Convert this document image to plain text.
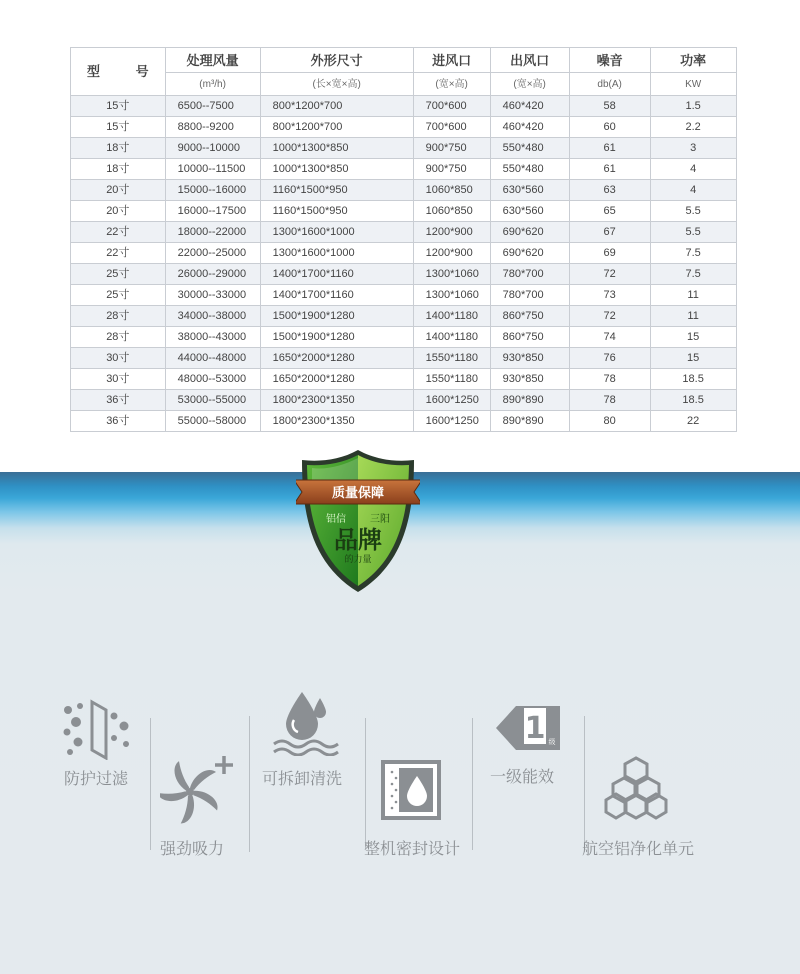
型 号	处理风量	外形尺寸	进风口	出风口	噪音	功率
	(m³/h)	(长×宽×高)	(宽×高)	(宽×高)	db(A)	KW
15寸	6500--7500	800*1200*700	700*600	460*420	58	1.5
15寸	8800--9200	800*1200*700	700*600	460*420	60	2.2
18寸	9000--10000	1000*1300*850	900*750	550*480	61	3
18寸	10000--11500	1000*1300*850	900*750	550*480	61	4
20寸	15000--16000	1160*1500*950	1060*850	630*560	63	4
20寸	16000--17500	1160*1500*950	1060*850	630*560	65	5.5
22寸	18000--22000	1300*1600*1000	1200*900	690*620	67	5.5
22寸	22000--25000	1300*1600*1000	1200*900	690*620	69	7.5
25寸	26000--29000	1400*1700*1160	1300*1060	780*700	72	7.5
25寸	30000--33000	1400*1700*1160	1300*1060	780*700	73	11
28寸	34000--38000	1500*1900*1280	1400*1180	860*750	72	11
28寸	38000--43000	1500*1900*1280	1400*1180	860*750	74	15
30寸	44000--48000	1650*2000*1280	1550*1180	930*850	76	15
30寸	48000--53000	1650*2000*1280	1550*1180	930*850	78	18.5
36寸	53000--55000	1800*2300*1350	1600*1250	890*890	78	18.5
36寸	55000--58000	1800*2300*1350	1600*1250	890*890	80	22
质量保障
铝信 三阳
品牌
的力量
防护过滤
强劲吸力
可拆卸清洗
整机密封设计
1 级
一级能效
航空铝净化单元
